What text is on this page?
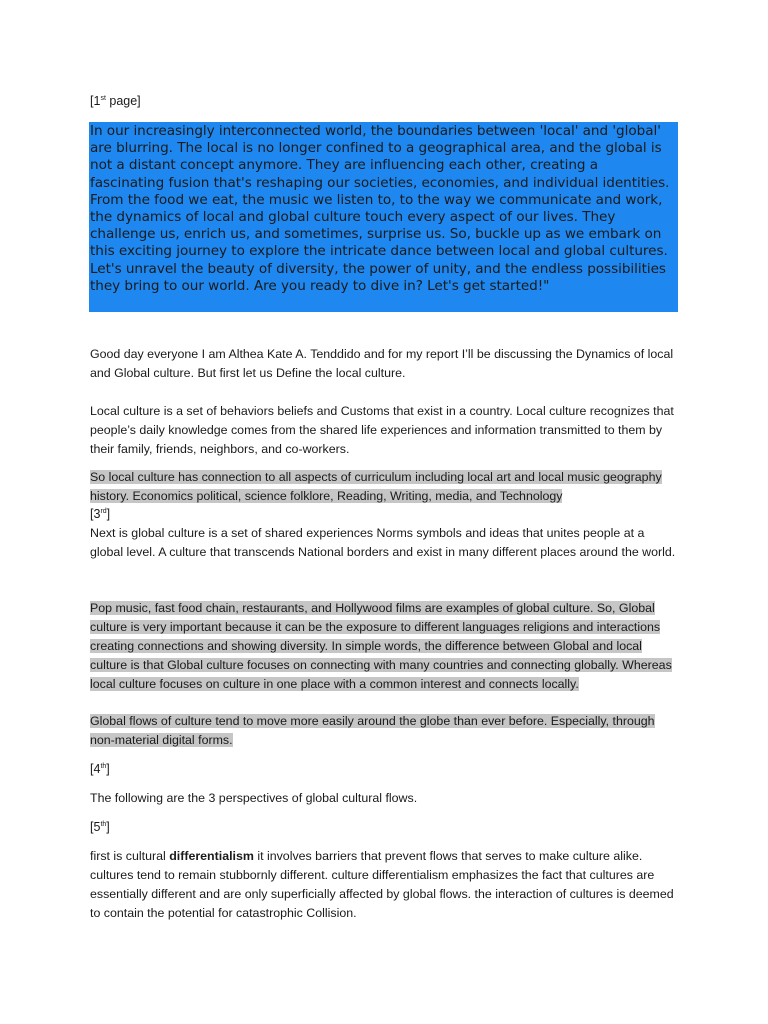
[1st page]

In our increasingly interconnected world, the boundaries between 'local' and 'global' are blurring. The local is no longer confined to a geographical area, and the global is not a distant concept anymore. They are influencing each other, creating a fascinating fusion that's reshaping our societies, economies, and individual identities. From the food we eat, the music we listen to, to the way we communicate and work, the dynamics of local and global culture touch every aspect of our lives. They challenge us, enrich us, and sometimes, surprise us. So, buckle up as we embark on this exciting journey to explore the intricate dance between local and global cultures. Let's unravel the beauty of diversity, the power of unity, and the endless possibilities they bring to our world. Are you ready to dive in? Let's get started!"

Good day everyone I am Althea Kate A. Tenddido and for my report I’ll be discussing the Dynamics of local and Global culture. But first let us Define the local culture.

Local culture is a set of behaviors beliefs and Customs that exist in a country. Local culture recognizes that people’s daily knowledge comes from the shared life experiences and information transmitted to them by their family, friends, neighbors, and co-workers.

So local culture has connection to all aspects of curriculum including local art and local music geography history. Economics political, science folklore, Reading, Writing, media, and Technology

[3rd]

Next is global culture is a set of shared experiences Norms symbols and ideas that unites people at a global level. A culture that transcends National borders and exist in many different places around the world.

Pop music, fast food chain, restaurants, and Hollywood films are examples of global culture. So, Global culture is very important because it can be the exposure to different languages religions and interactions creating connections and showing diversity. In simple words, the difference between Global and local culture is that Global culture focuses on connecting with many countries and connecting globally. Whereas local culture focuses on culture in one place with a common interest and connects locally.

Global flows of culture tend to move more easily around the globe than ever before. Especially, through non-material digital forms.

[4th]

The following are the 3 perspectives of global cultural flows.

[5th]

first is cultural differentialism it involves barriers that prevent flows that serves to make culture alike. cultures tend to remain stubbornly different. culture differentialism emphasizes the fact that cultures are essentially different and are only superficially affected by global flows. the interaction of cultures is deemed to contain the potential for catastrophic Collision.
